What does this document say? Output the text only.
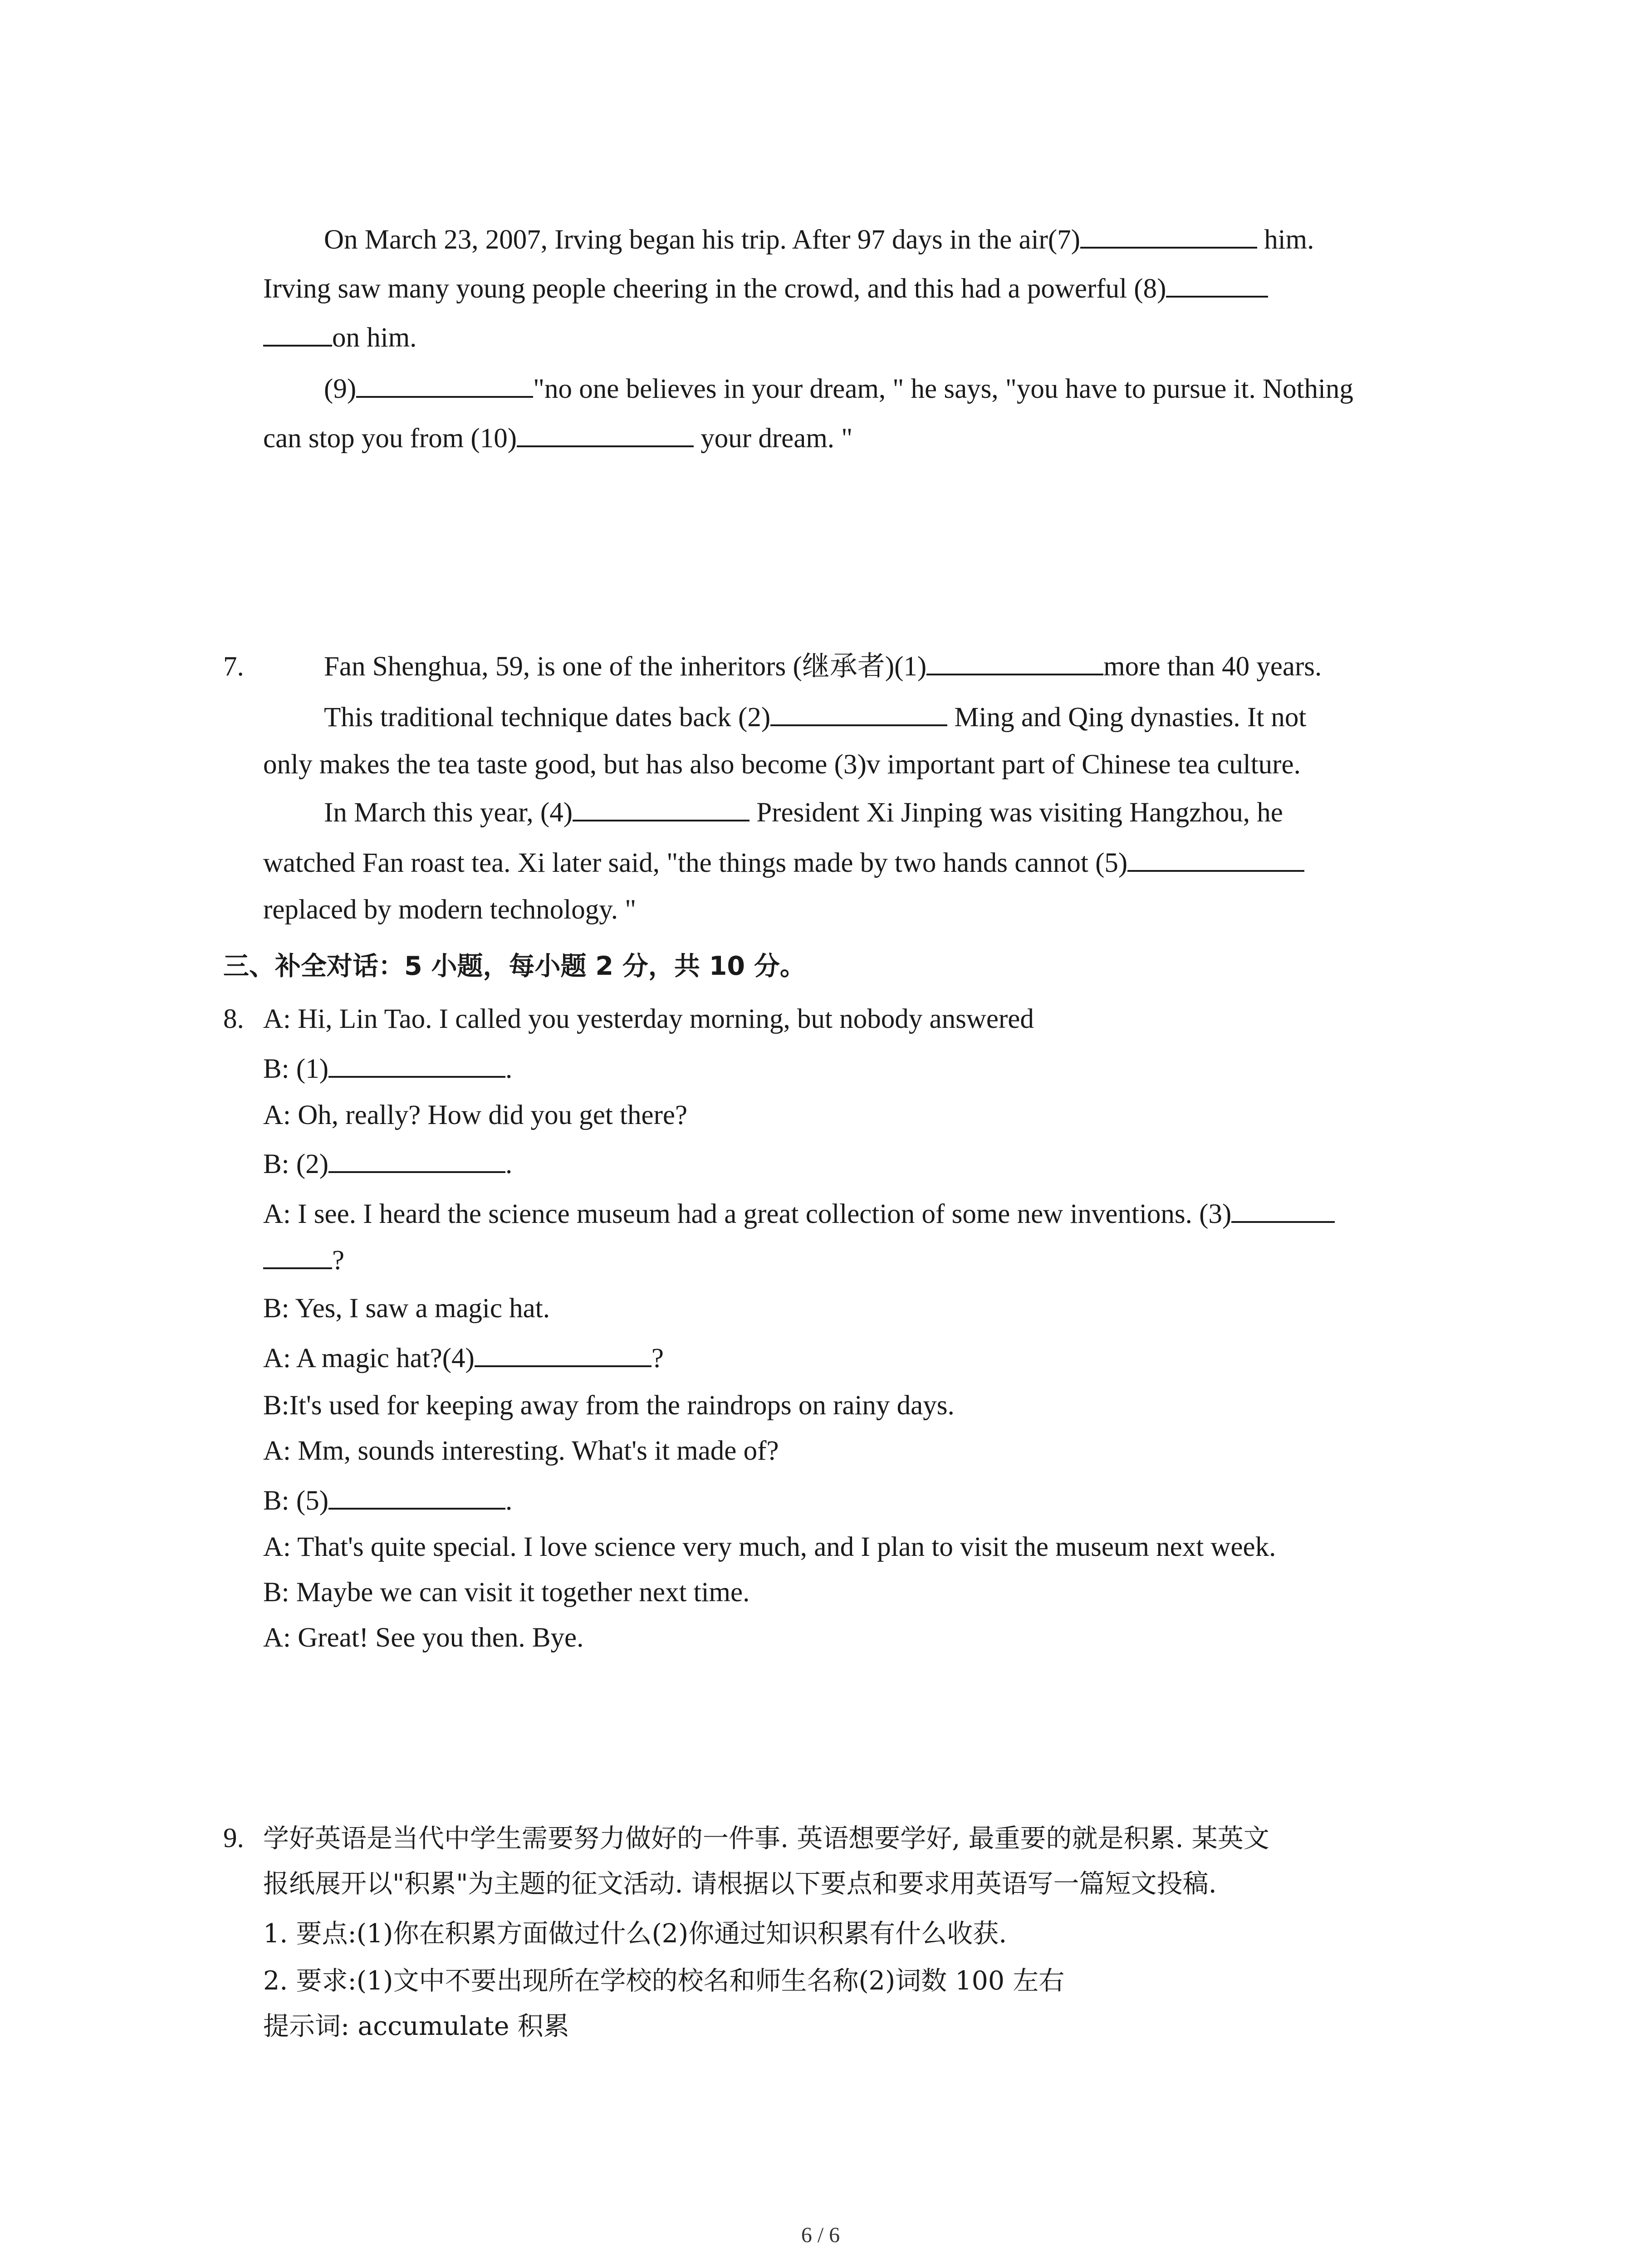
On March 23, 2007, Irving began his trip. After 97 days in the air(7)	him.
Irving saw many young people cheering in the crowd, and this had a powerful (8)
on him.
(9)	"no one believes in your dream, " he says, "you have to pursue it. Nothing
can stop you from (10)	your dream. "
7.	Fan Shenghua, 59, is one of the inheritors (继承者)(1)	more than 40 years.
This traditional technique dates back (2)	Ming and Qing dynasties. It not
only makes the tea taste good, but has also become (3)v important part of Chinese tea culture.
In March this year, (4)	President Xi Jinping was visiting Hangzhou, he
watched Fan roast tea. Xi later said, "the things made by two hands cannot (5)
replaced by modern technology. "
三、补全对话：5 小题，每小题 2 分，共 10 分。
8. A: Hi, Lin Tao. I called you yesterday morning, but nobody answered
B: (1)	.
A: Oh, really? How did you get there?
B: (2)	.
A: I see. I heard the science museum had a great collection of some new inventions. (3)
?
B: Yes, I saw a magic hat.
A: A magic hat?(4)	?
B:It's used for keeping away from the raindrops on rainy days.
A: Mm, sounds interesting. What's it made of?
B: (5)	.
A: That's quite special. I love science very much, and I plan to visit the museum next week.
B: Maybe we can visit it together next time.
A: Great! See you then. Bye.
9. 学好英语是当代中学生需要努力做好的一件事. 英语想要学好, 最重要的就是积累. 某英文
报纸展开以"积累"为主题的征文活动. 请根据以下要点和要求用英语写一篇短文投稿.
1. 要点:(1)你在积累方面做过什么(2)你通过知识积累有什么收获.
2. 要求:(1)文中不要出现所在学校的校名和师生名称(2)词数 100 左右
提示词: accumulate 积累
6 / 6
